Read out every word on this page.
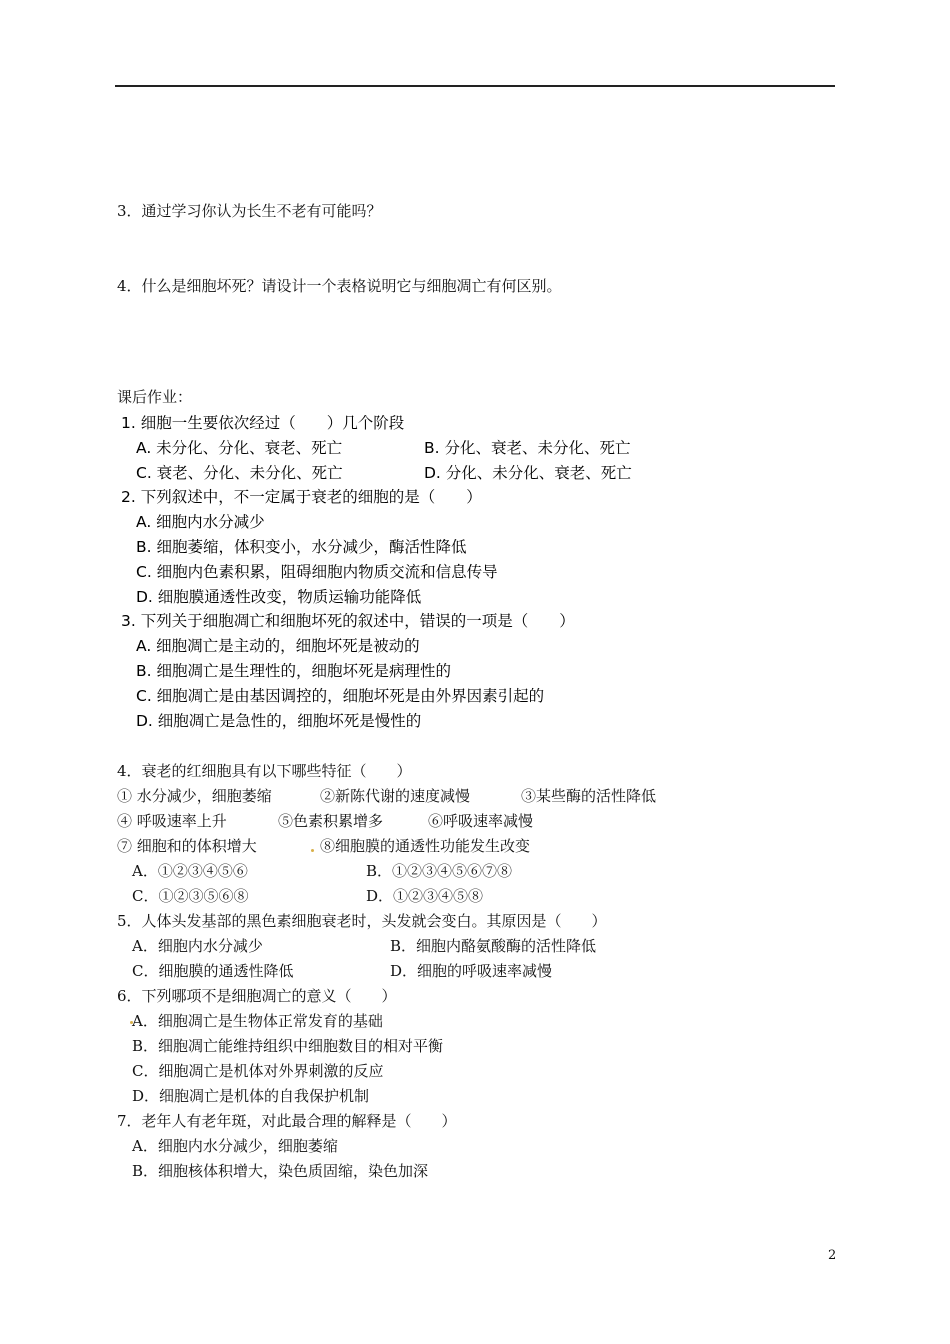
3．通过学习你认为长生不老有可能吗？
4．什么是细胞坏死？请设计一个表格说明它与细胞凋亡有何区别。
课后作业：
1. 细胞一生要依次经过（　　）几个阶段
A. 未分化、分化、衰老、死亡	B. 分化、衰老、未分化、死亡
C. 衰老、分化、未分化、死亡	D. 分化、未分化、衰老、死亡
2. 下列叙述中，不一定属于衰老的细胞的是（　　）
A. 细胞内水分减少
B. 细胞萎缩，体积变小，水分减少，酶活性降低
C. 细胞内色素积累，阻碍细胞内物质交流和信息传导
D. 细胞膜通透性改变，物质运输功能降低
3. 下列关于细胞凋亡和细胞坏死的叙述中，错误的一项是（　　）
A. 细胞凋亡是主动的，细胞坏死是被动的
B. 细胞凋亡是生理性的，细胞坏死是病理性的
C. 细胞凋亡是由基因调控的，细胞坏死是由外界因素引起的
D. 细胞凋亡是急性的，细胞坏死是慢性的
4．衰老的红细胞具有以下哪些特征（　　）
① 水分减少，细胞萎缩	②新陈代谢的速度减慢	③某些酶的活性降低
④ 呼吸速率上升	⑤色素积累增多	⑥呼吸速率减慢
⑦ 细胞和的体积增大	⑧细胞膜的通透性功能发生改变
A．①②③④⑤⑥	B．①②③④⑤⑥⑦⑧
C．①②③⑤⑥⑧	D．①②③④⑤⑧
5．人体头发基部的黑色素细胞衰老时，头发就会变白。其原因是（　　）
A．细胞内水分减少	B．细胞内酪氨酸酶的活性降低
C．细胞膜的通透性降低	D．细胞的呼吸速率减慢
6．下列哪项不是细胞凋亡的意义（　　）
A．细胞凋亡是生物体正常发育的基础
B．细胞凋亡能维持组织中细胞数目的相对平衡
C．细胞凋亡是机体对外界刺激的反应
D．细胞凋亡是机体的自我保护机制
7．老年人有老年斑，对此最合理的解释是（　　）
A．细胞内水分减少，细胞萎缩
B．细胞核体积增大，染色质固缩，染色加深
2
